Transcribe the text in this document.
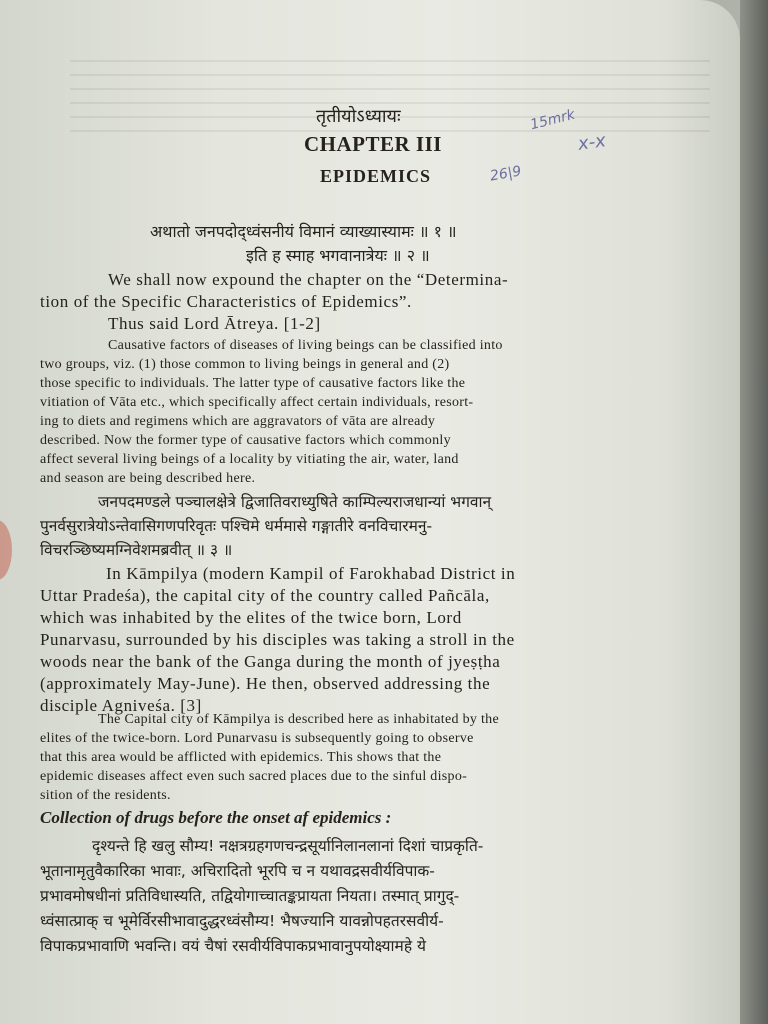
तृतीयोऽध्यायः
CHAPTER III
EPIDEMICS
15mrk
x-x
26|9
अथातो जनपदोद्ध्वंसनीयं विमानं व्याख्यास्यामः ॥ १ ॥
इति ह स्माह भगवानात्रेयः ॥ २ ॥
We shall now expound the chapter on the “Determina-
tion of the Specific Characteristics of Epidemics”.
Thus said Lord Ātreya. [1-2]
Causative factors of diseases of living beings can be classified into
two groups, viz. (1) those common to living beings in general and (2)
those specific to individuals. The latter type of causative factors like the
vitiation of Vāta etc., which specifically affect certain individuals, resort-
ing to diets and regimens which are aggravators of vāta are already
described. Now the former type of causative factors which commonly
affect several living beings of a locality by vitiating the air, water, land
and season are being described here.
जनपदमण्डले पञ्चालक्षेत्रे द्विजातिवराध्युषिते काम्पिल्यराजधान्यां भगवान्
पुनर्वसुरात्रेयोऽन्तेवासिगणपरिवृतः पश्चिमे धर्ममासे गङ्गातीरे वनविचारमनु-
विचरञ्छिष्यमग्निवेशमब्रवीत् ॥ ३ ॥
In Kāmpilya (modern Kampil of Farokhabad District in
Uttar Pradeśa), the capital city of the country called Pañcāla,
which was inhabited by the elites of the twice born, Lord
Punarvasu, surrounded by his disciples was taking a stroll in the
woods near the bank of the Ganga during the month of jyeṣṭha
(approximately May-June). He then, observed addressing the
disciple Agniveśa. [3]
The Capital city of Kāmpilya is described here as inhabitated by the
elites of the twice-born. Lord Punarvasu is subsequently going to observe
that this area would be afflicted with epidemics. This shows that the
epidemic diseases affect even such sacred places due to the sinful dispo-
sition of the residents.
Collection of drugs before the onset af epidemics :
दृश्यन्ते हि खलु सौम्य! नक्षत्रग्रहगणचन्द्रसूर्यानिलानलानां दिशां चाप्रकृति-
भूतानामृतुवैकारिका भावाः, अचिरादितो भूरपि च न यथावद्रसवीर्यविपाक-
प्रभावमोषधीनां प्रतिविधास्यति, तद्वियोगाच्चातङ्कप्रायता नियता। तस्मात् प्रागुद्-
ध्वंसात्प्राक् च भूमेर्विरसीभावादुद्धरध्वंसौम्य! भैषज्यानि यावन्नोपहतरसवीर्य-
विपाकप्रभावाणि भवन्ति। वयं चैषां रसवीर्यविपाकप्रभावानुपयोक्ष्यामहे ये
